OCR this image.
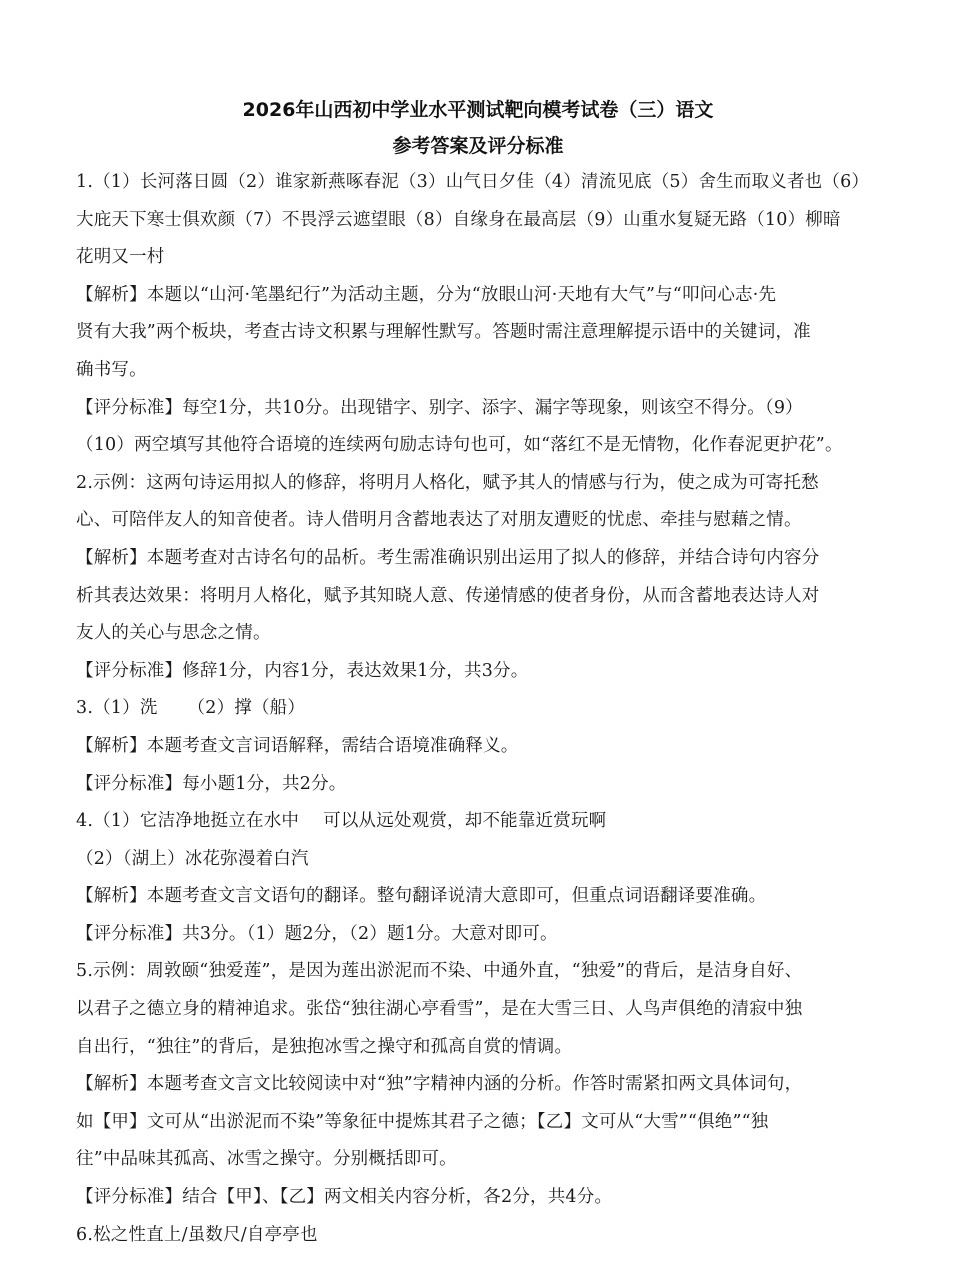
2026年山西初中学业水平测试靶向模考试卷（三）语文
参考答案及评分标准
1.（1）长河落日圆（2）谁家新燕啄春泥（3）山气日夕佳（4）清流见底（5）舍生而取义者也（6）
大庇天下寒士俱欢颜（7）不畏浮云遮望眼（8）自缘身在最高层（9）山重水复疑无路（10）柳暗
花明又一村
【解析】本题以“山河·笔墨纪行”为活动主题，分为“放眼山河·天地有大气”与“叩问心志·先
贤有大我”两个板块，考查古诗文积累与理解性默写。答题时需注意理解提示语中的关键词，准
确书写。
【评分标准】每空1分，共10分。出现错字、别字、添字、漏字等现象，则该空不得分。（9）
（10）两空填写其他符合语境的连续两句励志诗句也可，如“落红不是无情物，化作春泥更护花”。
2.示例：这两句诗运用拟人的修辞，将明月人格化，赋予其人的情感与行为，使之成为可寄托愁
心、可陪伴友人的知音使者。诗人借明月含蓄地表达了对朋友遭贬的忧虑、牵挂与慰藉之情。
【解析】本题考查对古诗名句的品析。考生需准确识别出运用了拟人的修辞，并结合诗句内容分
析其表达效果：将明月人格化，赋予其知晓人意、传递情感的使者身份，从而含蓄地表达诗人对
友人的关心与思念之情。
【评分标准】修辞1分，内容1分，表达效果1分，共3分。
3.（1）洗 （2）撑（船）
【解析】本题考查文言词语解释，需结合语境准确释义。
【评分标准】每小题1分，共2分。
4.（1）它洁净地挺立在水中 可以从远处观赏，却不能靠近赏玩啊
（2）（湖上）冰花弥漫着白汽
【解析】本题考查文言文语句的翻译。整句翻译说清大意即可，但重点词语翻译要准确。
【评分标准】共3分。（1）题2分，（2）题1分。大意对即可。
5.示例：周敦颐“独爱莲”，是因为莲出淤泥而不染、中通外直，“独爱”的背后，是洁身自好、
以君子之德立身的精神追求。张岱“独往湖心亭看雪”，是在大雪三日、人鸟声俱绝的清寂中独
自出行，“独往”的背后，是独抱冰雪之操守和孤高自赏的情调。
【解析】本题考查文言文比较阅读中对“独”字精神内涵的分析。作答时需紧扣两文具体词句，
如【甲】文可从“出淤泥而不染”等象征中提炼其君子之德；【乙】文可从“大雪”“俱绝”“独
往”中品味其孤高、冰雪之操守。分别概括即可。
【评分标准】结合【甲】、【乙】两文相关内容分析，各2分，共4分。
6.松之性直上/虽数尺/自亭亭也
